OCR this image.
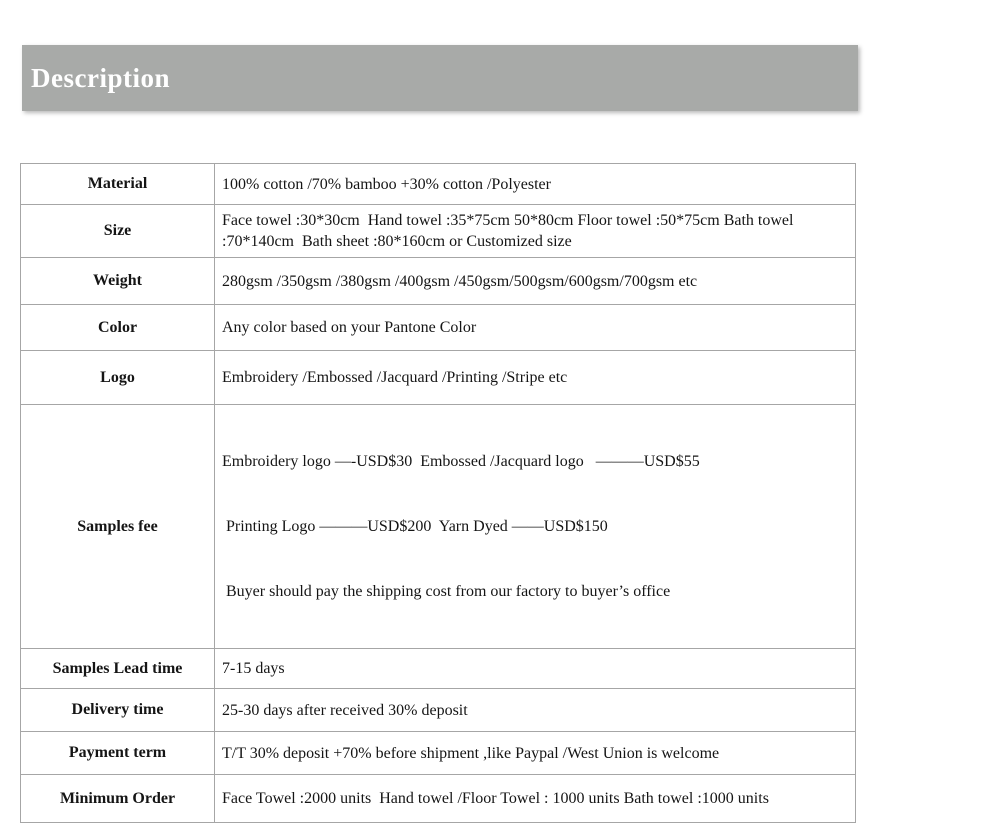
Description
Material	100% cotton /70% bamboo +30% cotton /Polyester
Size	Face towel :30*30cm  Hand towel :35*75cm 50*80cm Floor towel :50*75cm Bath towel :70*140cm  Bath sheet :80*160cm or Customized size
Weight	280gsm /350gsm /380gsm /400gsm /450gsm/500gsm/600gsm/700gsm etc
Color	Any color based on your Pantone Color
Logo	Embroidery /Embossed /Jacquard /Printing /Stripe etc
Samples fee	Embroidery logo —-USD$30  Embossed /Jacquard logo   ———USD$55

Printing Logo ———USD$200  Yarn Dyed ——USD$150

Buyer should pay the shipping cost from our factory to buyer’s office

Samples Lead time	7-15 days
Delivery time	25-30 days after received 30% deposit
Payment term	T/T 30% deposit +70% before shipment ,like Paypal /West Union is welcome
Minimum Order	Face Towel :2000 units  Hand towel /Floor Towel : 1000 units Bath towel :1000 units
